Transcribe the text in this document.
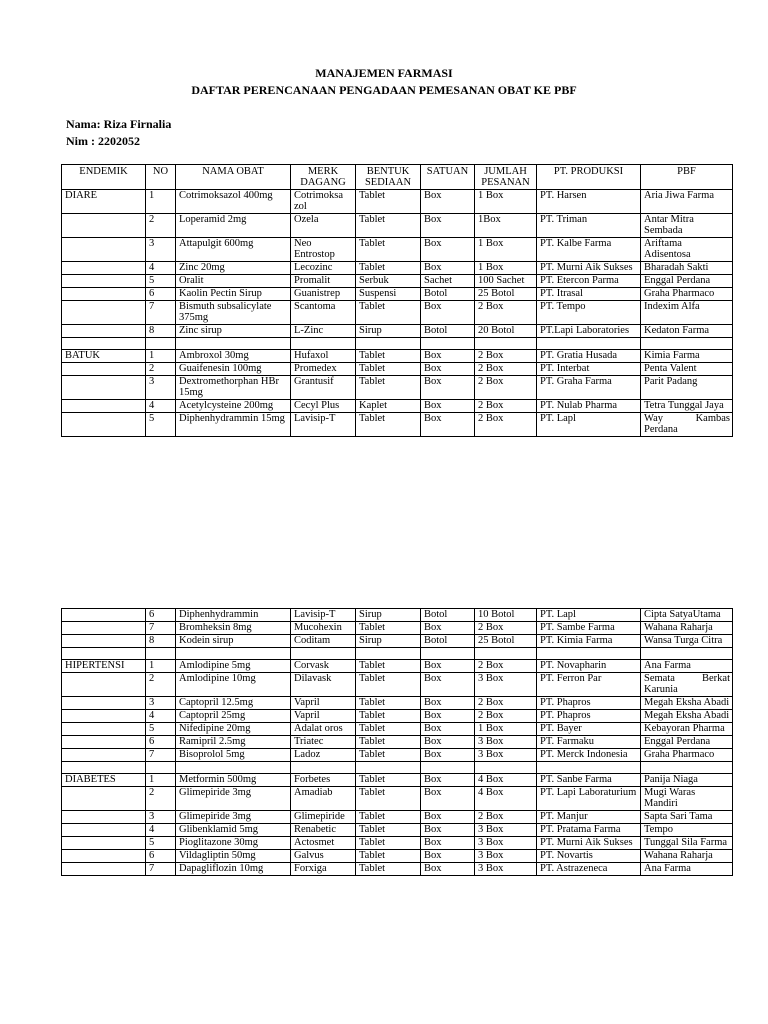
MANAJEMEN FARMASI
DAFTAR PERENCANAAN PENGADAAN PEMESANAN OBAT KE PBF
Nama: Riza Firnalia
Nim : 2202052
ENDEMIK	NO	NAMA OBAT	MERK DAGANG	BENTUK SEDIAAN	SATUAN	JUMLAH PESANAN	PT. PRODUKSI	PBF
DIARE	1	Cotrimoksazol 400mg	Cotrimoksa zol	Tablet	Box	1 Box	PT. Harsen	Aria Jiwa Farma
	2	Loperamid 2mg	Ozela	Tablet	Box	1Box	PT. Triman	Antar Mitra Sembada
	3	Attapulgit 600mg	Neo Entrostop	Tablet	Box	1 Box	PT. Kalbe Farma	Ariftama Adisentosa
	4	Zinc 20mg	Lecozinc	Tablet	Box	1 Box	PT. Murni Aik Sukses	Bharadah Sakti
	5	Oralit	Promalit	Serbuk	Sachet	100 Sachet	PT. Etercon Parma	Enggal Perdana
	6	Kaolin Pectin Sirup	Guanistrep	Suspensi	Botol	25 Botol	PT. Itrasal	Graha Pharmaco
	7	Bismuth subsalicylate 375mg	Scantoma	Tablet	Box	2 Box	PT. Tempo	Indexim Alfa
	8	Zinc sirup	L-Zinc	Sirup	Botol	20 Botol	PT.Lapi Laboratories	Kedaton Farma

BATUK	1	Ambroxol 30mg	Hufaxol	Tablet	Box	2 Box	PT. Gratia Husada	Kimia Farma
	2	Guaifenesin 100mg	Promedex	Tablet	Box	2 Box	PT. Interbat	Penta Valent
	3	Dextromethorphan HBr 15mg	Grantusif	Tablet	Box	2 Box	PT. Graha Farma	Parit Padang
	4	Acetylcysteine 200mg	Cecyl Plus	Kaplet	Box	2 Box	PT. Nulab Pharma	Tetra Tunggal Jaya
	5	Diphenhydrammin 15mg	Lavisip-T	Tablet	Box	2 Box	PT. Lapl	Way Kambas Perdana
	6	Diphenhydrammin	Lavisip-T	Sirup	Botol	10 Botol	PT. Lapl	Cipta SatyaUtama
	7	Bromheksin 8mg	Mucohexin	Tablet	Box	2 Box	PT. Sambe Farma	Wahana Raharja
	8	Kodein sirup	Coditam	Sirup	Botol	25 Botol	PT. Kimia Farma	Wansa Turga Citra

HIPERTENSI	1	Amlodipine 5mg	Corvask	Tablet	Box	2 Box	PT. Novapharin	Ana Farma
	2	Amlodipine 10mg	Dilavask	Tablet	Box	3 Box	PT. Ferron Par	Semata Berkat Karunia
	3	Captopril 12.5mg	Vapril	Tablet	Box	2 Box	PT. Phapros	Megah Eksha Abadi
	4	Captopril 25mg	Vapril	Tablet	Box	2 Box	PT. Phapros	Megah Eksha Abadi
	5	Nifedipine 20mg	Adalat oros	Tablet	Box	1 Box	PT. Bayer	Kebayoran Pharma
	6	Ramipril 2.5mg	Triatec	Tablet	Box	3 Box	PT. Farmaku	Enggal Perdana
	7	Bisoprolol 5mg	Ladoz	Tablet	Box	3 Box	PT. Merck Indonesia	Graha Pharmaco

DIABETES	1	Metformin 500mg	Forbetes	Tablet	Box	4 Box	PT. Sanbe Farma	Panija Niaga
	2	Glimepiride 3mg	Amadiab	Tablet	Box	4 Box	PT. Lapi Laboraturium	Mugi Waras Mandiri
	3	Glimepiride 3mg	Glimepiride	Tablet	Box	2 Box	PT. Manjur	Sapta Sari Tama
	4	Glibenklamid 5mg	Renabetic	Tablet	Box	3 Box	PT. Pratama Farma	Tempo
	5	Pioglitazone 30mg	Actosmet	Tablet	Box	3 Box	PT. Murni Aik Sukses	Tunggal Sila Farma
	6	Vildagliptin 50mg	Galvus	Tablet	Box	3 Box	PT. Novartis	Wahana Raharja
	7	Dapagliflozin 10mg	Forxiga	Tablet	Box	3 Box	PT. Astrazeneca	Ana Farma
